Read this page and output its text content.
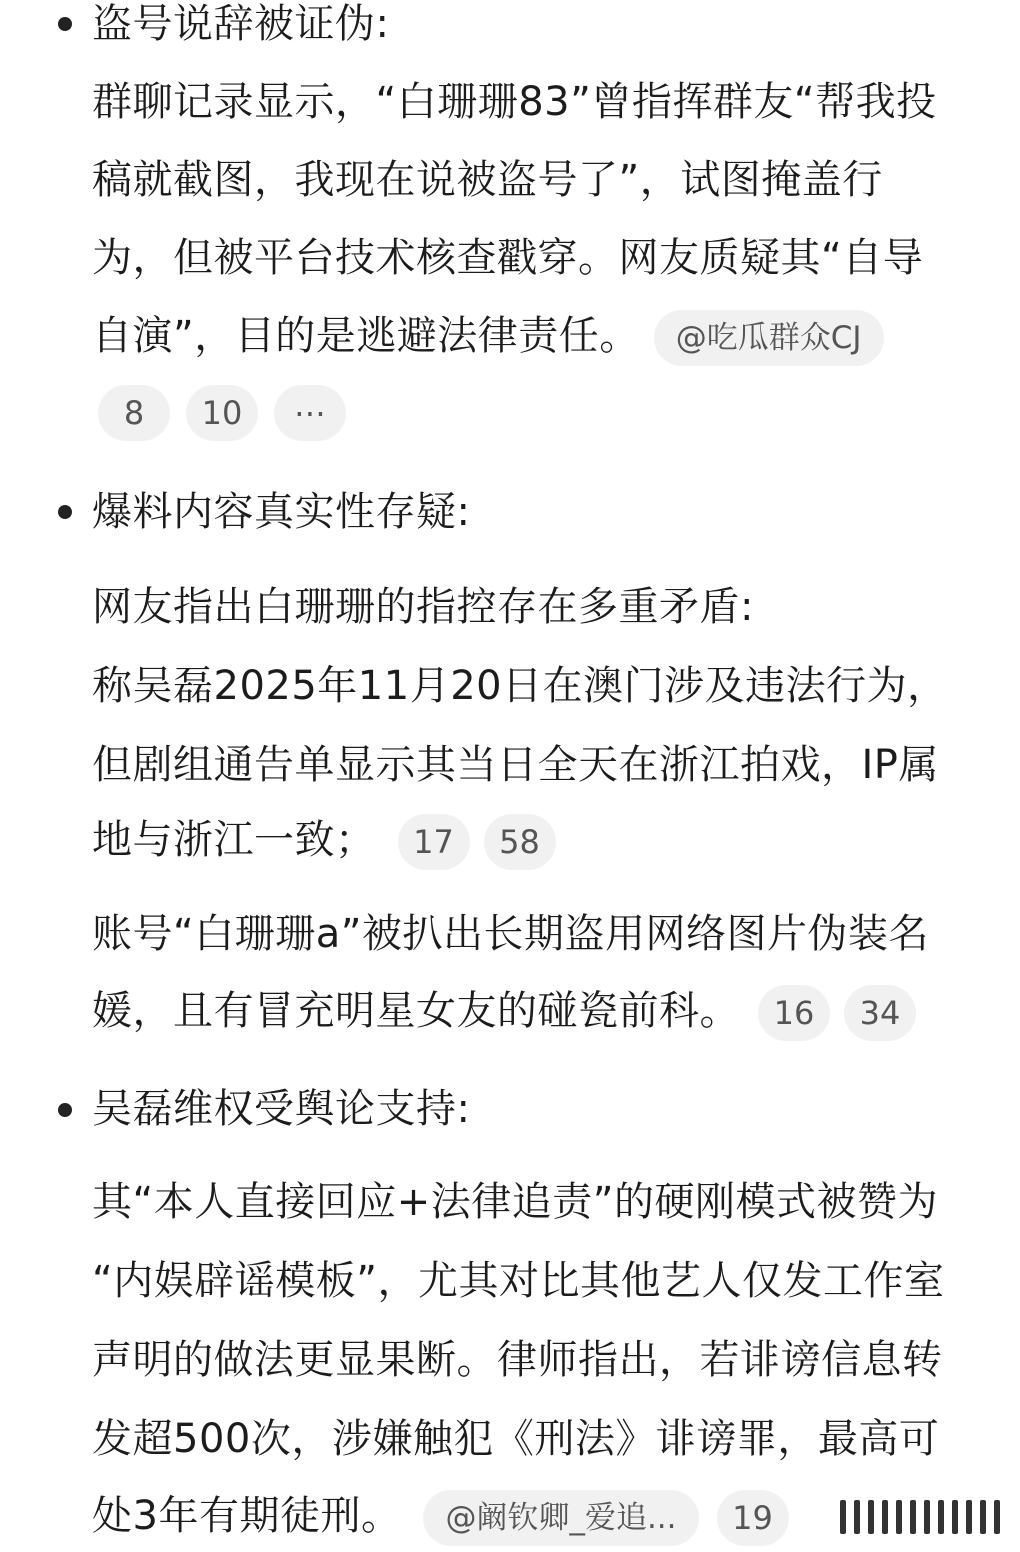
盗号说辞被证伪:
群聊记录显示，“白珊珊83”曾指挥群友“帮我投
稿就截图，我现在说被盗号了”，试图掩盖行
为，但被平台技术核查戳穿。网友质疑其“自导
自演”，目的是逃避法律责任。 @吃瓜群众CJ
8 10 ⋯
爆料内容真实性存疑:
网友指出白珊珊的指控存在多重矛盾:
称吴磊2025年11月20日在澳门涉及违法行为，
但剧组通告单显示其当日全天在浙江拍戏，IP属
地与浙江一致； 17 58
账号“白珊珊a”被扒出长期盗用网络图片伪装名
媛，且有冒充明星女友的碰瓷前科。 16 34
吴磊维权受舆论支持:
其“本人直接回应+法律追责”的硬刚模式被赞为
“内娱辟谣模板”，尤其对比其他艺人仅发工作室
声明的做法更显果断。律师指出，若诽谤信息转
发超500次，涉嫌触犯《刑法》诽谤罪，最高可
处3年有期徒刑。 @阚钦卿_爱追... 19
